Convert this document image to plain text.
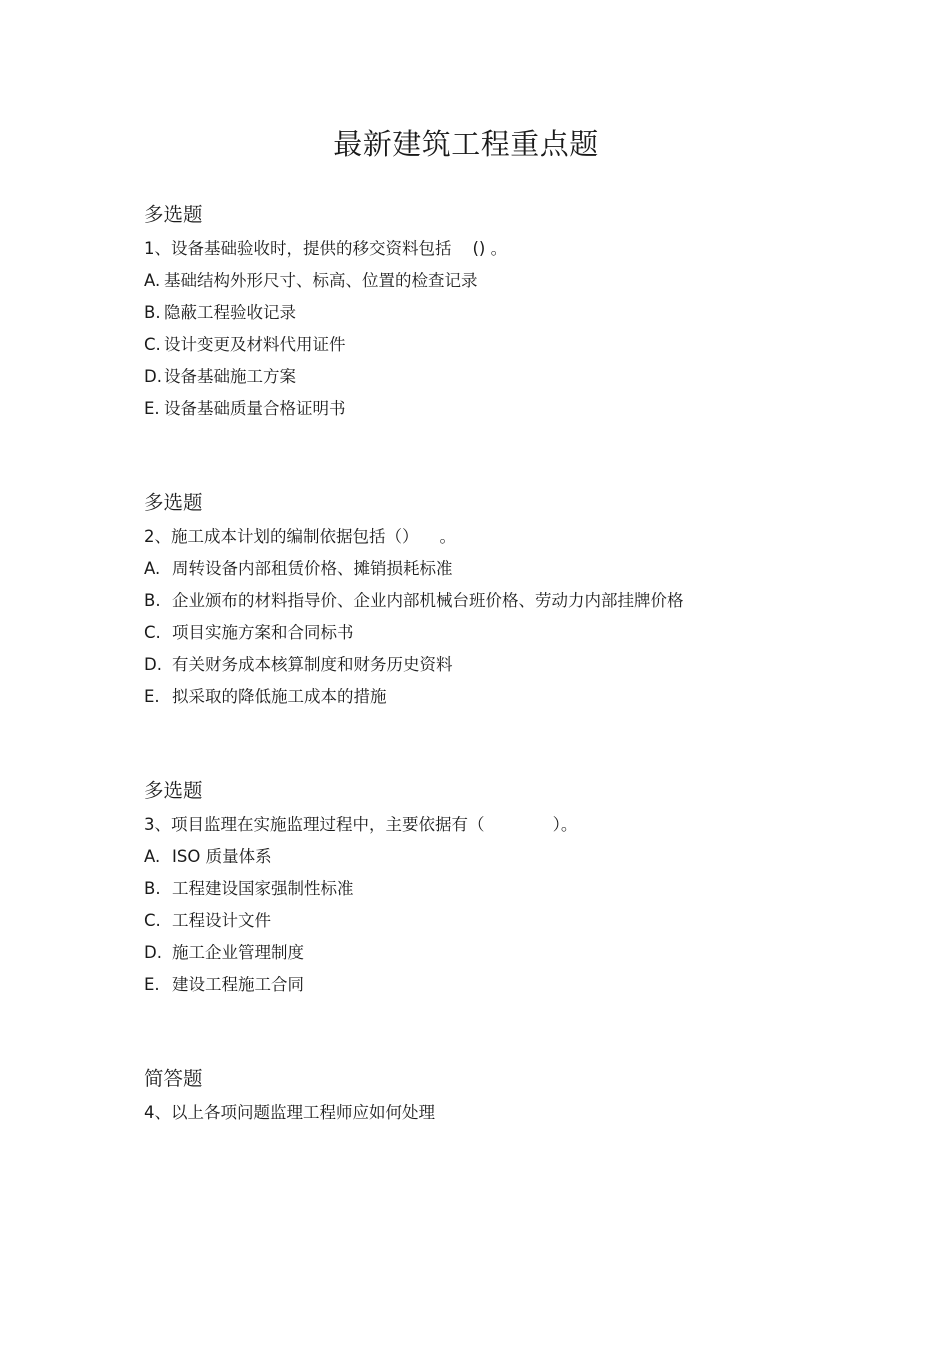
最新建筑工程重点题
多选题
1、设备基础验收时，提供的移交资料包括    () 。
A. 基础结构外形尺寸、标高、位置的检查记录
B. 隐蔽工程验收记录
C. 设计变更及材料代用证件
D. 设备基础施工方案
E. 设备基础质量合格证明书
多选题
2、施工成本计划的编制依据包括（）    。
A. 周转设备内部租赁价格、摊销损耗标准
B. 企业颁布的材料指导价、企业内部机械台班价格、劳动力内部挂牌价格
C. 项目实施方案和合同标书
D. 有关财务成本核算制度和财务历史资料
E. 拟采取的降低施工成本的措施
多选题
3、项目监理在实施监理过程中，主要依据有（             ）。
A. ISO 质量体系
B. 工程建设国家强制性标准
C. 工程设计文件
D. 施工企业管理制度
E. 建设工程施工合同
简答题
4、以上各项问题监理工程师应如何处理
